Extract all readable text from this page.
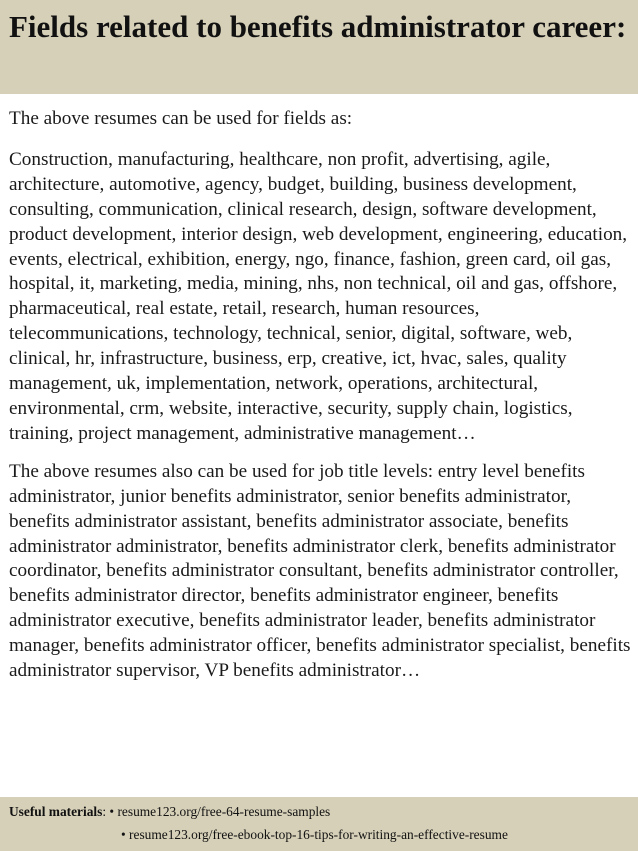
Fields related to benefits administrator career:

The above resumes can be used for fields as:

Construction, manufacturing, healthcare, non profit, advertising, agile, architecture, automotive, agency, budget, building, business development, consulting, communication, clinical research, design, software development, product development, interior design, web development, engineering, education, events, electrical, exhibition, energy, ngo, finance, fashion, green card, oil gas, hospital, it, marketing, media, mining, nhs, non technical, oil and gas, offshore, pharmaceutical, real estate, retail, research, human resources, telecommunications, technology, technical, senior, digital, software, web, clinical, hr, infrastructure, business, erp, creative, ict, hvac, sales, quality management, uk, implementation, network, operations, architectural, environmental, crm, website, interactive, security, supply chain, logistics, training, project management, administrative management…

The above resumes also can be used for job title levels: entry level benefits administrator, junior benefits administrator, senior benefits administrator, benefits administrator assistant, benefits administrator associate, benefits administrator administrator, benefits administrator clerk, benefits administrator coordinator, benefits administrator consultant, benefits administrator controller, benefits administrator director, benefits administrator engineer, benefits administrator executive, benefits administrator leader, benefits administrator manager, benefits administrator officer, benefits administrator specialist, benefits administrator supervisor, VP benefits administrator…

Useful materials: • resume123.org/free-64-resume-samples
• resume123.org/free-ebook-top-16-tips-for-writing-an-effective-resume
